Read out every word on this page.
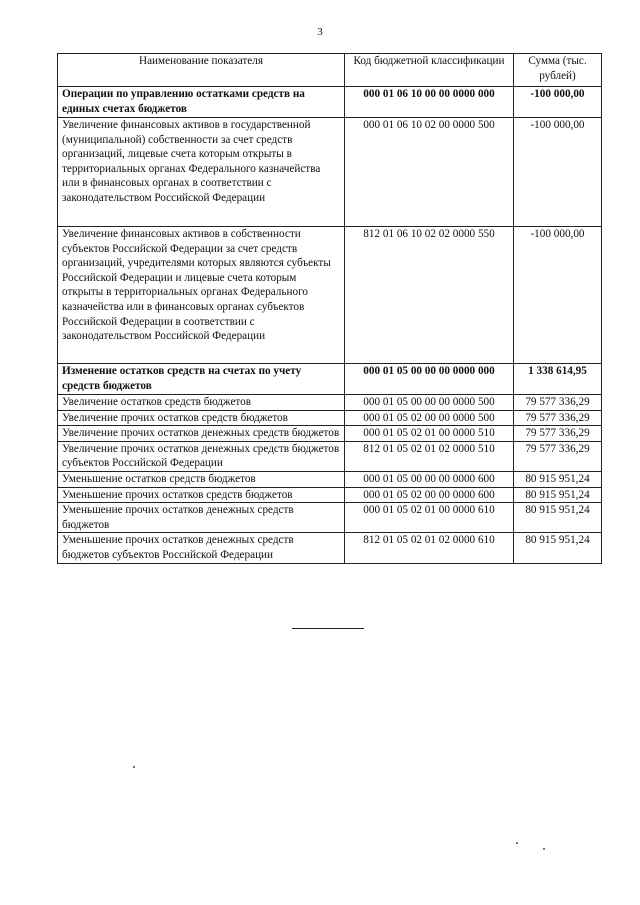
3
Наименование показателя	Код бюджетной классификации	Сумма (тыс. рублей)
Операции по управлению остатками средств на единых счетах бюджетов	000 01 06 10 00 00 0000 000	-100 000,00
Увеличение финансовых активов в государственной (муниципальной) собственности за счет средств организаций, лицевые счета которым открыты в территориальных органах Федерального казначейства или в финансовых органах в соответствии с законодательством Российской Федерации	000 01 06 10 02 00 0000 500	-100 000,00
Увеличение финансовых активов в собственности субъектов Российской Федерации за счет средств организаций, учредителями которых являются субъекты Российской Федерации и лицевые счета которым открыты в территориальных органах Федерального казначейства или в финансовых органах субъектов Российской Федерации в соответствии с законодательством Российской Федерации	812 01 06 10 02 02 0000 550	-100 000,00
Изменение остатков средств на счетах по учету средств бюджетов	000 01 05 00 00 00 0000 000	1 338 614,95
Увеличение остатков средств бюджетов	000 01 05 00 00 00 0000 500	79 577 336,29
Увеличение прочих остатков средств бюджетов	000 01 05 02 00 00 0000 500	79 577 336,29
Увеличение прочих остатков денежных средств бюджетов	000 01 05 02 01 00 0000 510	79 577 336,29
Увеличение прочих остатков денежных средств бюджетов субъектов Российской Федерации	812 01 05 02 01 02 0000 510	79 577 336,29
Уменьшение остатков средств бюджетов	000 01 05 00 00 00 0000 600	80 915 951,24
Уменьшение прочих остатков средств бюджетов	000 01 05 02 00 00 0000 600	80 915 951,24
Уменьшение прочих остатков денежных средств бюджетов	000 01 05 02 01 00 0000 610	80 915 951,24
Уменьшение прочих остатков денежных средств бюджетов субъектов Российской Федерации	812 01 05 02 01 02 0000 610	80 915 951,24
